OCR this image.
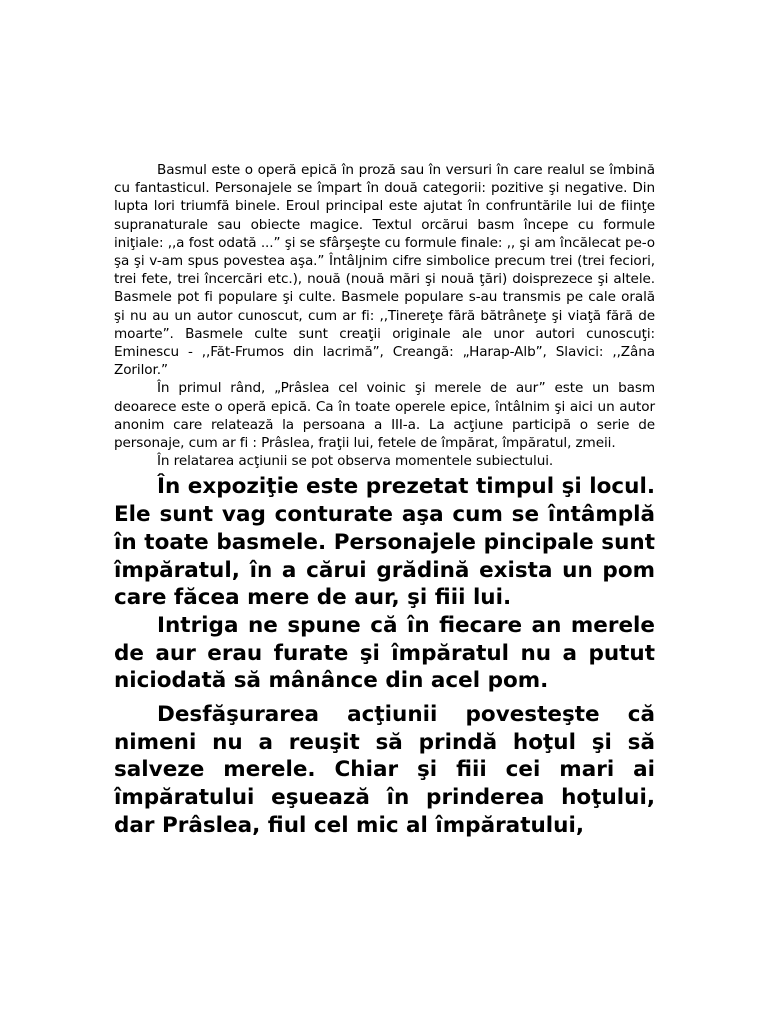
Basmul este o operă epică în proză sau în versuri în care realul se îmbină cu fantasticul. Personajele se împart în două categorii: pozitive şi negative. Din lupta lori triumfă binele. Eroul principal este ajutat în confruntările lui de fiinţe supranaturale sau obiecte magice. Textul orcărui basm începe cu formule iniţiale: ,,a fost odată ...” şi se sfârşeşte cu formule finale: ,, şi am încălecat pe-o şa şi v-am spus povestea aşa.” Întâljnim cifre simbolice precum trei (trei feciori, trei fete, trei încercări etc.), nouă (nouă mări şi nouă ţări) doisprezece şi altele. Basmele pot fi populare şi culte. Basmele populare s-au transmis pe cale orală şi nu au un autor cunoscut, cum ar fi: ,,Tinereţe fără bătrâneţe şi viaţă fără de moarte”. Basmele culte sunt creaţii originale ale unor autori cunoscuţi: Eminescu - ,,Făt-Frumos din lacrimă”, Creangă: „Harap-Alb”, Slavici: ,,Zâna Zorilor.”

În primul rând, „Prâslea cel voinic şi merele de aur” este un basm deoarece este o operă epică. Ca în toate operele epice, întâlnim şi aici un autor anonim care relatează la persoana a III-a. La acţiune participă o serie de personaje, cum ar fi : Prâslea, fraţii lui, fetele de împărat, împăratul, zmeii.

În relatarea acţiunii se pot observa momentele subiectului.

În expoziţie este prezetat timpul şi locul. Ele sunt vag conturate aşa cum se întâmplă în toate basmele. Personajele pincipale sunt împăratul, în a cărui grădină exista un pom care făcea mere de aur, şi fiii lui.

Intriga ne spune că în fiecare an merele de aur erau furate şi împăratul nu a putut niciodată să mânânce din acel pom.

Desfăşurarea acţiunii povesteşte că nimeni nu a reuşit să prindă hoţul şi să salveze merele. Chiar şi fiii cei mari ai împăratului eşuează în prinderea hoţului, dar Prâslea, fiul cel mic al împăratului,
